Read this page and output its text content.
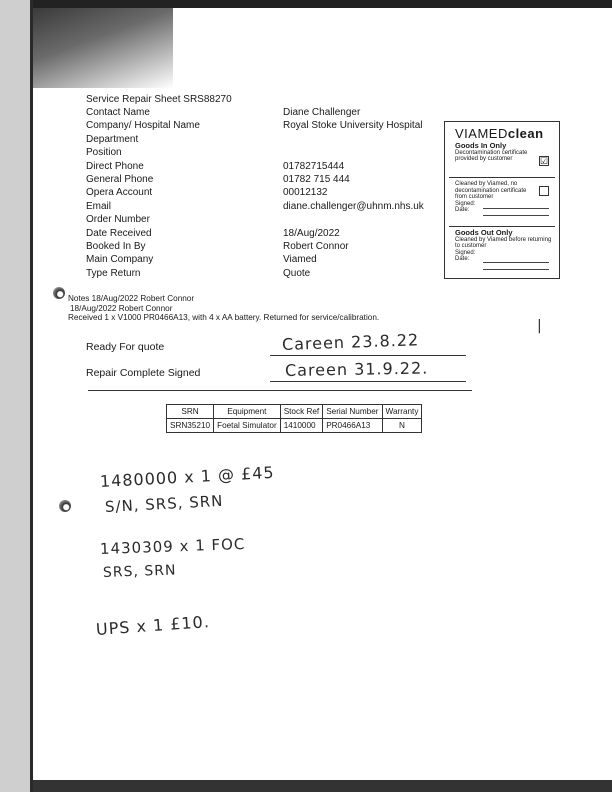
Service Repair Sheet SRS88270
Contact Name	Diane Challenger
Company/ Hospital Name	Royal Stoke University Hospital
Department
Position
Direct Phone	01782715444
General Phone	01782 715 444
Opera Account	00012132
Email	diane.challenger@uhnm.nhs.uk
Order Number
Date Received	18/Aug/2022
Booked In By	Robert Connor
Main Company	Viamed
Type Return	Quote
VIAMEDclean
Goods In Only
Decontamination certificate provided by customer	☑
Cleaned by Viamed, no decontamination certificate from customer
Signed:
Date:
Goods Out Only
Cleaned by Viamed before returning to customer
Signed:
Date:
Notes 18/Aug/2022 Robert Connor
18/Aug/2022 Robert Connor
Received 1 x V1000 PR0466A13, with 4 x AA battery. Returned for service/calibration.
|
Ready For quote	Careen 23.8.22
Repair Complete Signed	Careen 31.9.22.
SRN	Equipment	Stock Ref	Serial Number	Warranty
SRN35210	Foetal Simulator	1410000	PR0466A13	N
1480000 x 1 @ £45
S/N, SRS, SRN
1430309 x 1 FOC
SRS, SRN
UPS x 1 £10.
